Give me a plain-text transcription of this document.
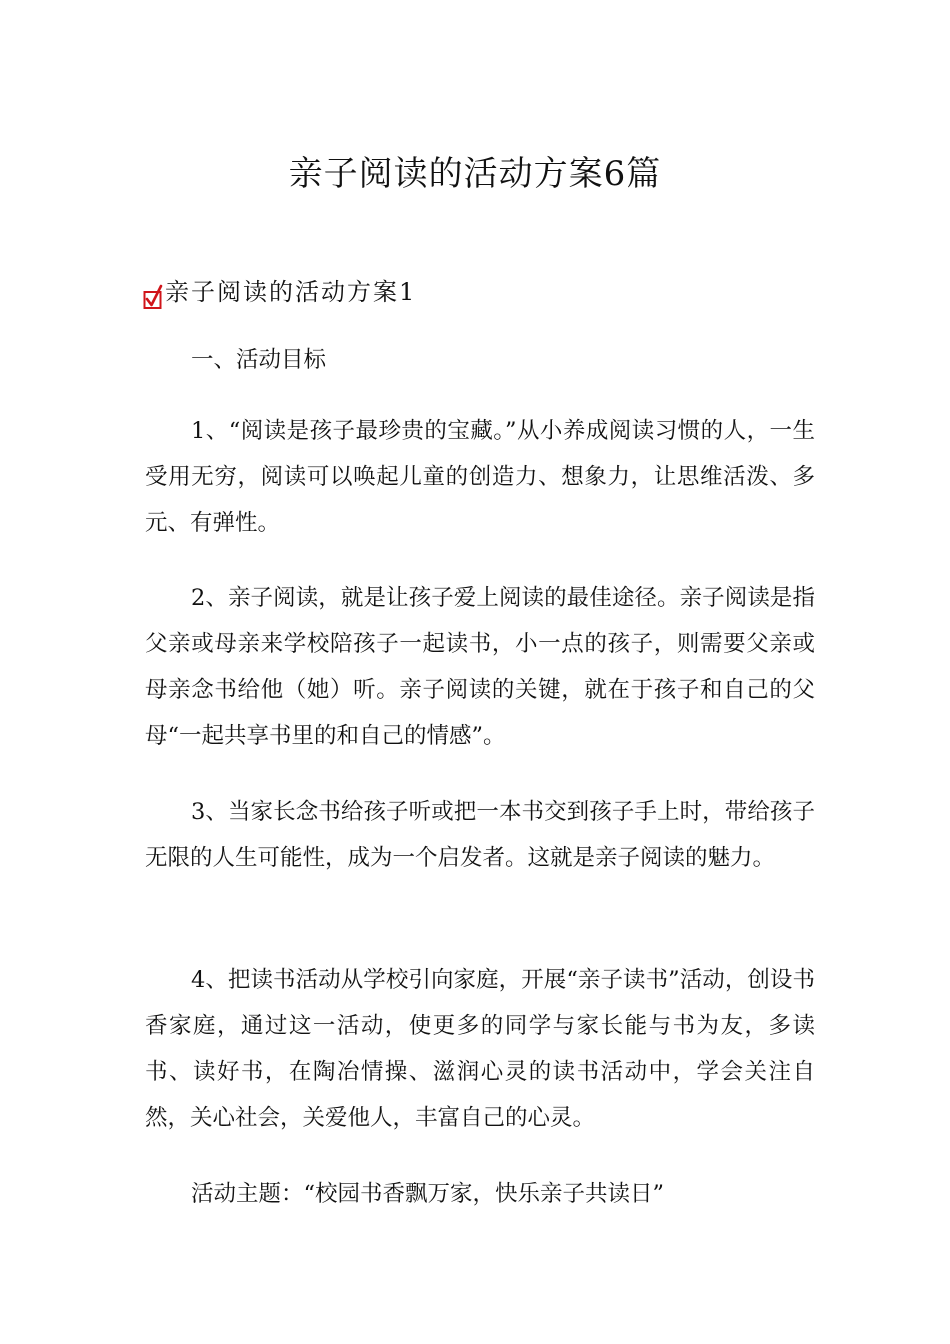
亲子阅读的活动方案6篇
亲子阅读的活动方案1

一、活动目标

1、“阅读是孩子最珍贵的宝藏。”从小养成阅读习惯的人，一生受用无穷，阅读可以唤起儿童的创造力、想象力，让思维活泼、多元、有弹性。

2、亲子阅读，就是让孩子爱上阅读的最佳途径。亲子阅读是指父亲或母亲来学校陪孩子一起读书，小一点的孩子，则需要父亲或母亲念书给他（她）听。亲子阅读的关键，就在于孩子和自己的父母“一起共享书里的和自己的情感”。

3、当家长念书给孩子听或把一本书交到孩子手上时，带给孩子无限的人生可能性，成为一个启发者。这就是亲子阅读的魅力。

4、把读书活动从学校引向家庭，开展“亲子读书”活动，创设书香家庭，通过这一活动，使更多的同学与家长能与书为友，多读书、读好书，在陶冶情操、滋润心灵的读书活动中，学会关注自然，关心社会，关爱他人，丰富自己的心灵。

活动主题：“校园书香飘万家，快乐亲子共读日”
